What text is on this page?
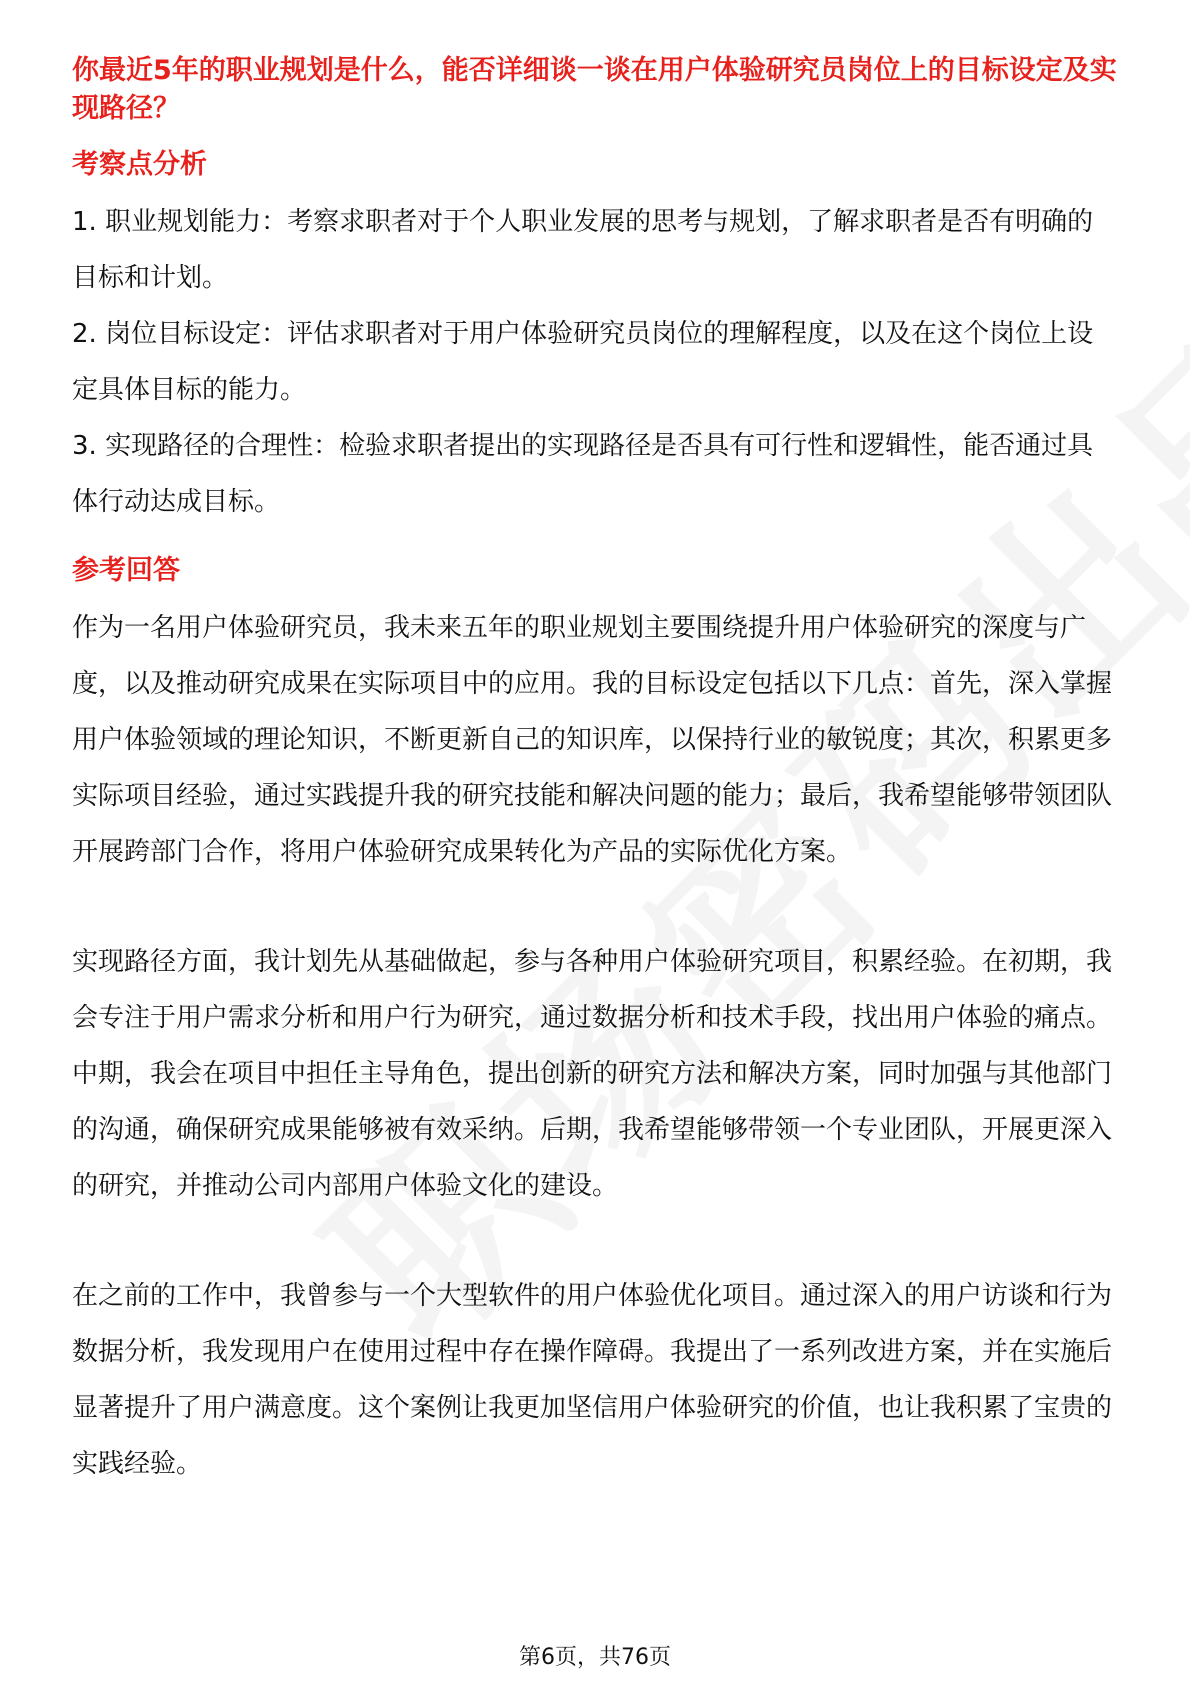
你最近5年的职业规划是什么，能否详细谈一谈在用户体验研究员岗位上的目标设定及实现路径？
考察点分析

1. 职业规划能力：考察求职者对于个人职业发展的思考与规划，了解求职者是否有明确的目标和计划。

2. 岗位目标设定：评估求职者对于用户体验研究员岗位的理解程度，以及在这个岗位上设定具体目标的能力。

3. 实现路径的合理性：检验求职者提出的实现路径是否具有可行性和逻辑性，能否通过具体行动达成目标。

参考回答

作为一名用户体验研究员，我未来五年的职业规划主要围绕提升用户体验研究的深度与广度，以及推动研究成果在实际项目中的应用。我的目标设定包括以下几点：首先，深入掌握用户体验领域的理论知识，不断更新自己的知识库，以保持行业的敏锐度；其次，积累更多实际项目经验，通过实践提升我的研究技能和解决问题的能力；最后，我希望能够带领团队开展跨部门合作，将用户体验研究成果转化为产品的实际优化方案。

实现路径方面，我计划先从基础做起，参与各种用户体验研究项目，积累经验。在初期，我会专注于用户需求分析和用户行为研究，通过数据分析和技术手段，找出用户体验的痛点。中期，我会在项目中担任主导角色，提出创新的研究方法和解决方案，同时加强与其他部门的沟通，确保研究成果能够被有效采纳。后期，我希望能够带领一个专业团队，开展更深入的研究，并推动公司内部用户体验文化的建设。

在之前的工作中，我曾参与一个大型软件的用户体验优化项目。通过深入的用户访谈和行为数据分析，我发现用户在使用过程中存在操作障碍。我提出了一系列改进方案，并在实施后显著提升了用户满意度。这个案例让我更加坚信用户体验研究的价值，也让我积累了宝贵的实践经验。

第6页，共76页
